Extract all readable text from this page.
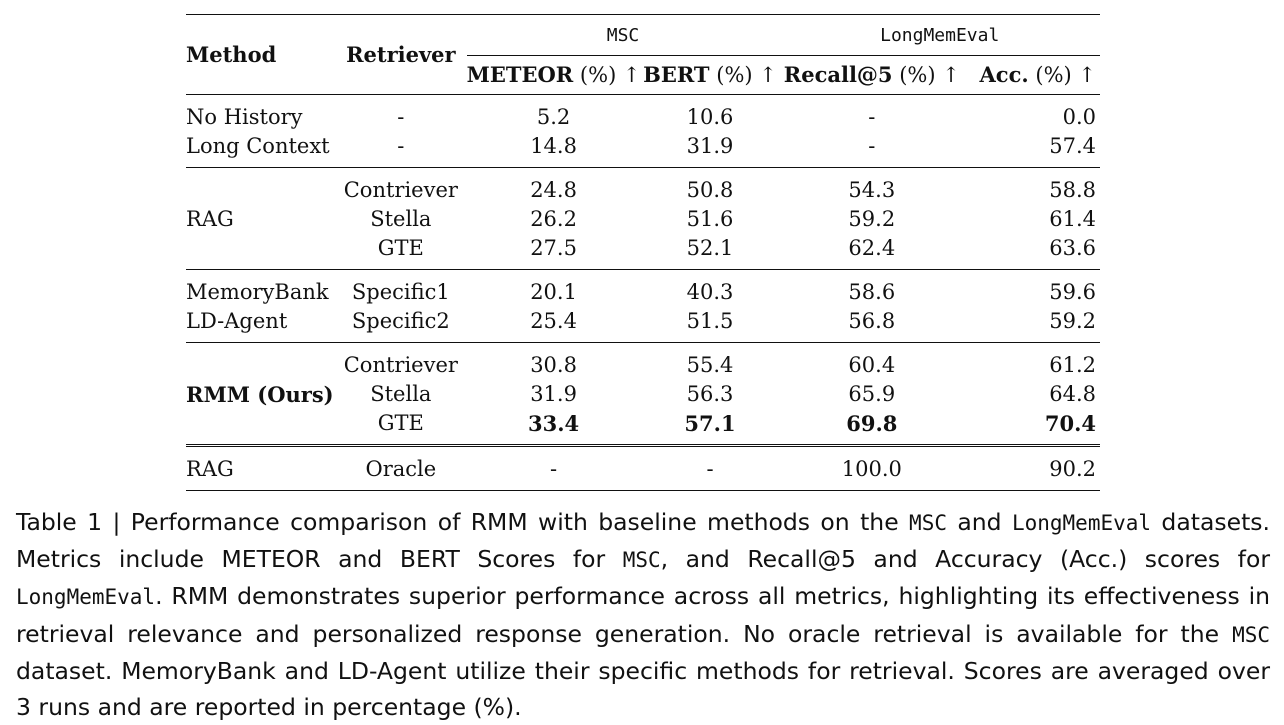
Method	Retriever	MSC		LongMemEval	
		METEOR (%) ↑	BERT (%) ↑	Recall@5 (%) ↑	Acc. (%) ↑
No History	-	5.2	10.6	-	0.0
Long Context	-	14.8	31.9	-	57.4
	Contriever	24.8	50.8	54.3	58.8
RAG	Stella	26.2	51.6	59.2	61.4
	GTE	27.5	52.1	62.4	63.6
MemoryBank	Specific1	20.1	40.3	58.6	59.6
LD-Agent	Specific2	25.4	51.5	56.8	59.2
	Contriever	30.8	55.4	60.4	61.2
RMM (Ours)	Stella	31.9	56.3	65.9	64.8
	GTE	33.4	57.1	69.8	70.4
RAG	Oracle	-	-	100.0	90.2
Table 1 | Performance comparison of RMM with baseline methods on the MSC and LongMemEval datasets. Metrics include METEOR and BERT Scores for MSC, and Recall@5 and Accuracy (Acc.) scores for LongMemEval. RMM demonstrates superior performance across all metrics, highlighting its effectiveness in retrieval relevance and personalized response generation. No oracle retrieval is available for the MSC dataset. MemoryBank and LD-Agent utilize their specific methods for retrieval. Scores are averaged over 3 runs and are reported in percentage (%).
